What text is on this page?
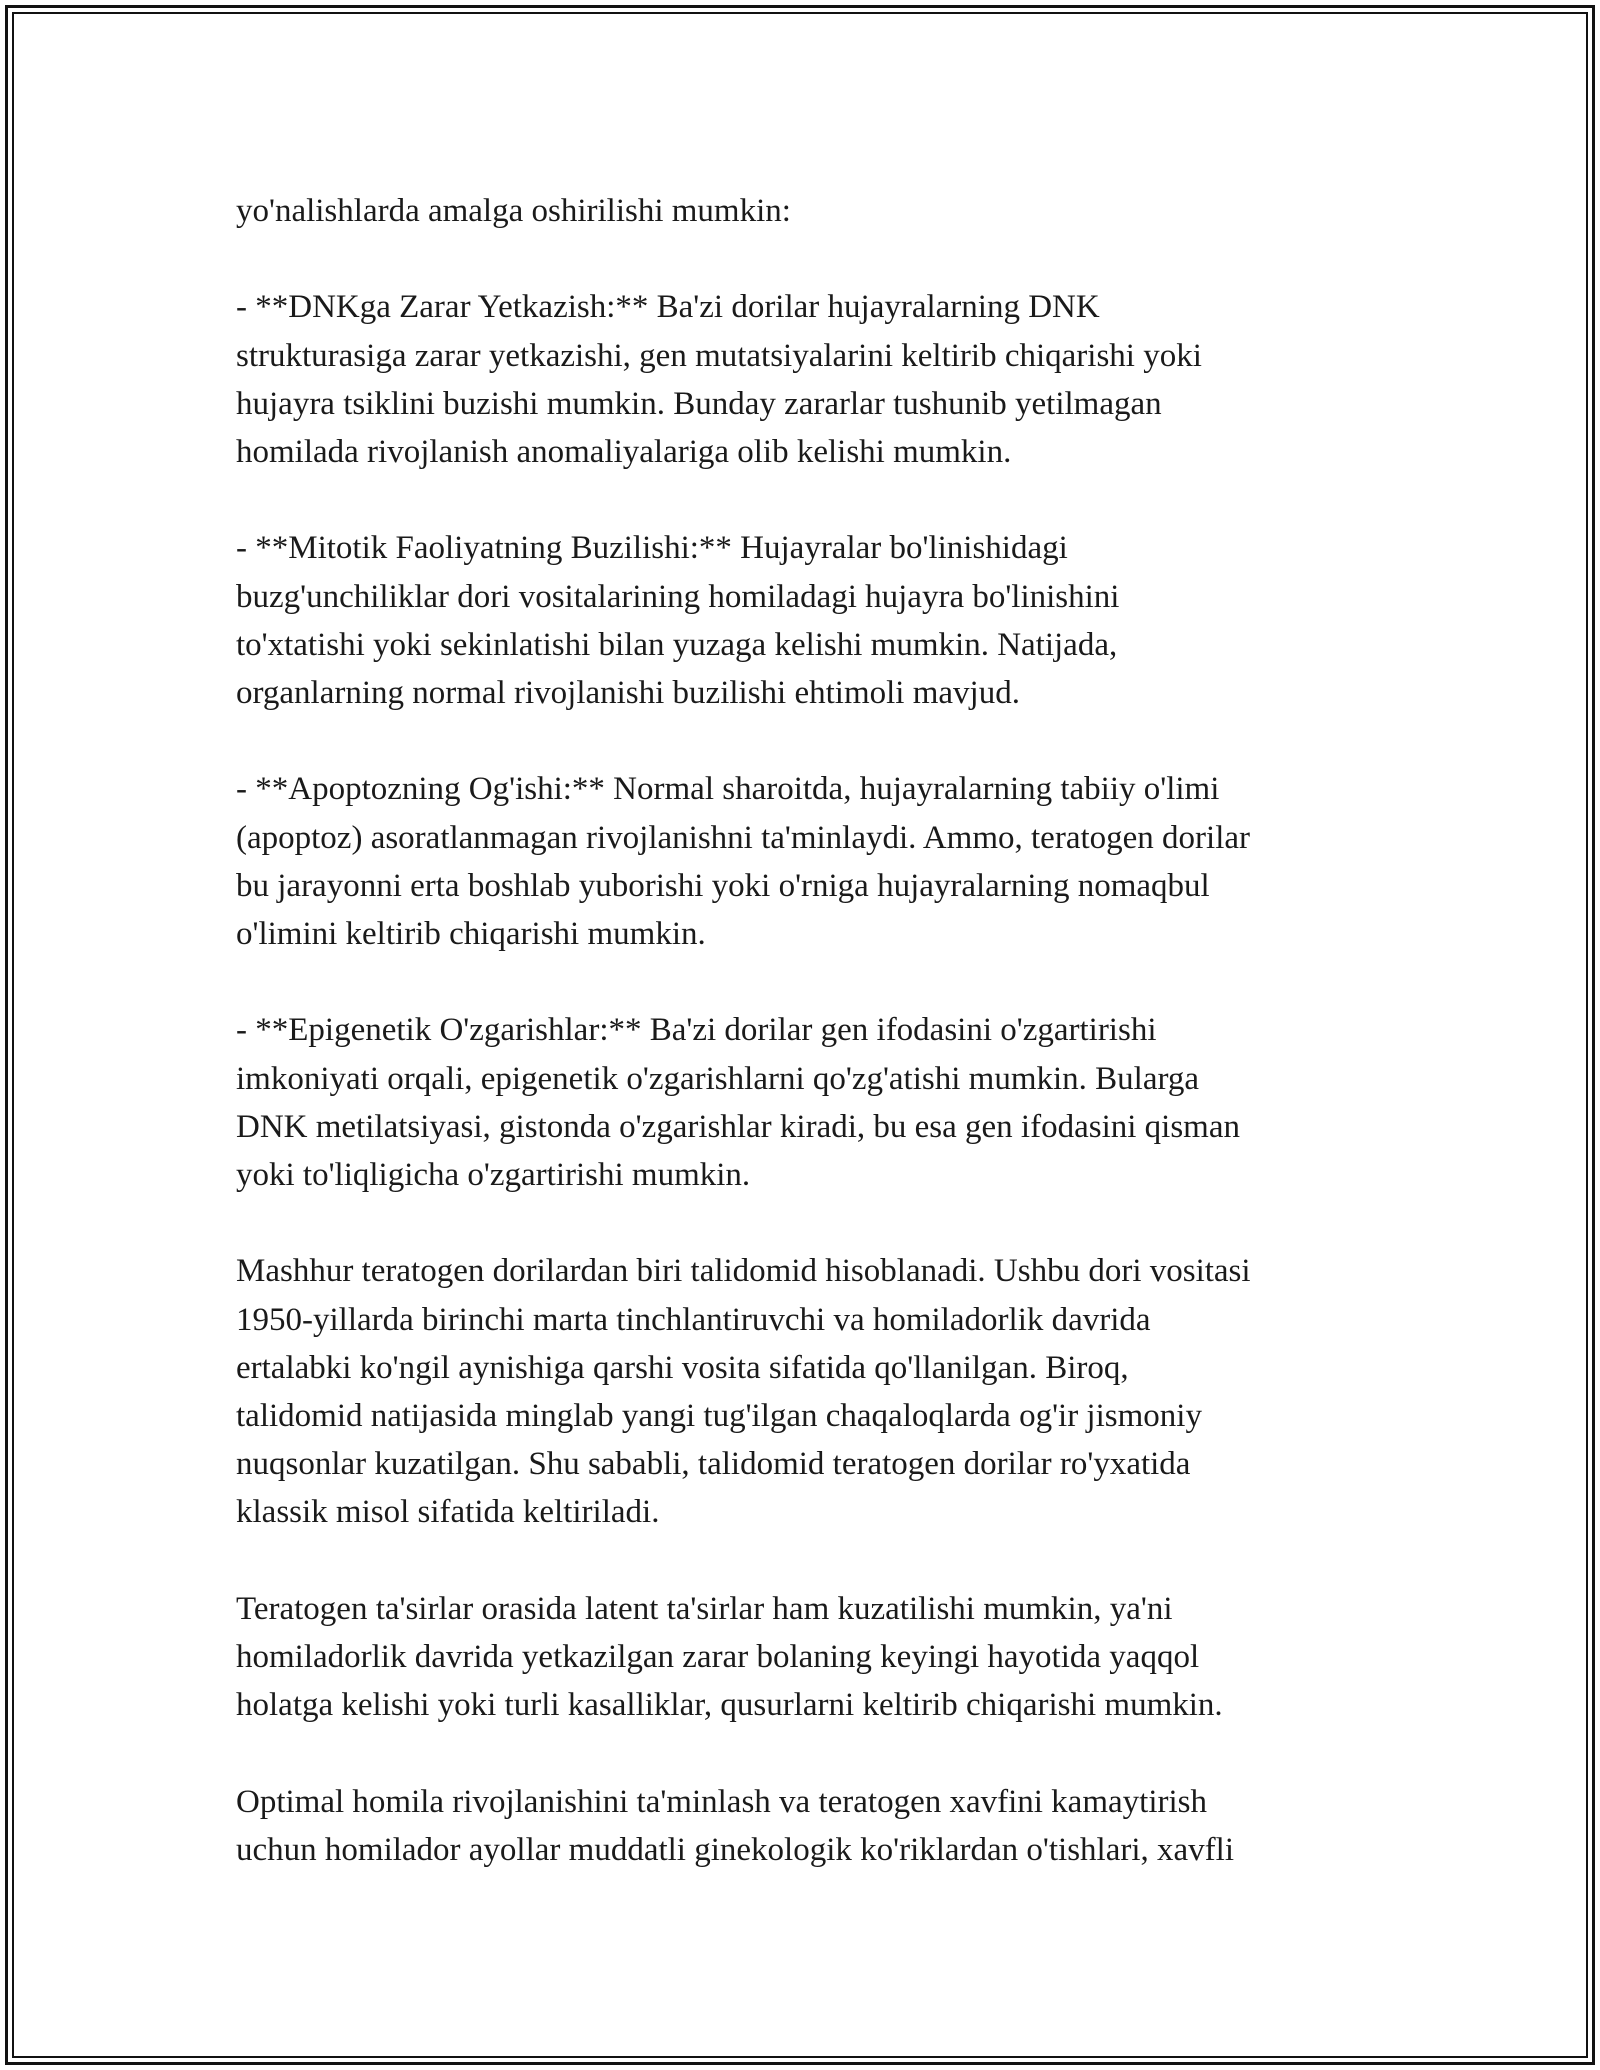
yo'nalishlarda amalga oshirilishi mumkin:

- **DNKga Zarar Yetkazish:** Ba'zi dorilar hujayralarning DNK
strukturasiga zarar yetkazishi, gen mutatsiyalarini keltirib chiqarishi yoki
hujayra tsiklini buzishi mumkin. Bunday zararlar tushunib yetilmagan
homilada rivojlanish anomaliyalariga olib kelishi mumkin.

- **Mitotik Faoliyatning Buzilishi:** Hujayralar bo'linishidagi
buzg'unchiliklar dori vositalarining homiladagi hujayra bo'linishini
to'xtatishi yoki sekinlatishi bilan yuzaga kelishi mumkin. Natijada,
organlarning normal rivojlanishi buzilishi ehtimoli mavjud.

- **Apoptozning Og'ishi:** Normal sharoitda, hujayralarning tabiiy o'limi
(apoptoz) asoratlanmagan rivojlanishni ta'minlaydi. Ammo, teratogen dorilar
bu jarayonni erta boshlab yuborishi yoki o'rniga hujayralarning nomaqbul
o'limini keltirib chiqarishi mumkin.

- **Epigenetik O'zgarishlar:** Ba'zi dorilar gen ifodasini o'zgartirishi
imkoniyati orqali, epigenetik o'zgarishlarni qo'zg'atishi mumkin. Bularga
DNK metilatsiyasi, gistonda o'zgarishlar kiradi, bu esa gen ifodasini qisman
yoki to'liqligicha o'zgartirishi mumkin.

Mashhur teratogen dorilardan biri talidomid hisoblanadi. Ushbu dori vositasi
1950-yillarda birinchi marta tinchlantiruvchi va homiladorlik davrida
ertalabki ko'ngil aynishiga qarshi vosita sifatida qo'llanilgan. Biroq,
talidomid natijasida minglab yangi tug'ilgan chaqaloqlarda og'ir jismoniy
nuqsonlar kuzatilgan. Shu sababli, talidomid teratogen dorilar ro'yxatida
klassik misol sifatida keltiriladi.

Teratogen ta'sirlar orasida latent ta'sirlar ham kuzatilishi mumkin, ya'ni
homiladorlik davrida yetkazilgan zarar bolaning keyingi hayotida yaqqol
holatga kelishi yoki turli kasalliklar, qusurlarni keltirib chiqarishi mumkin.

Optimal homila rivojlanishini ta'minlash va teratogen xavfini kamaytirish
uchun homilador ayollar muddatli ginekologik ko'riklardan o'tishlari, xavfli
